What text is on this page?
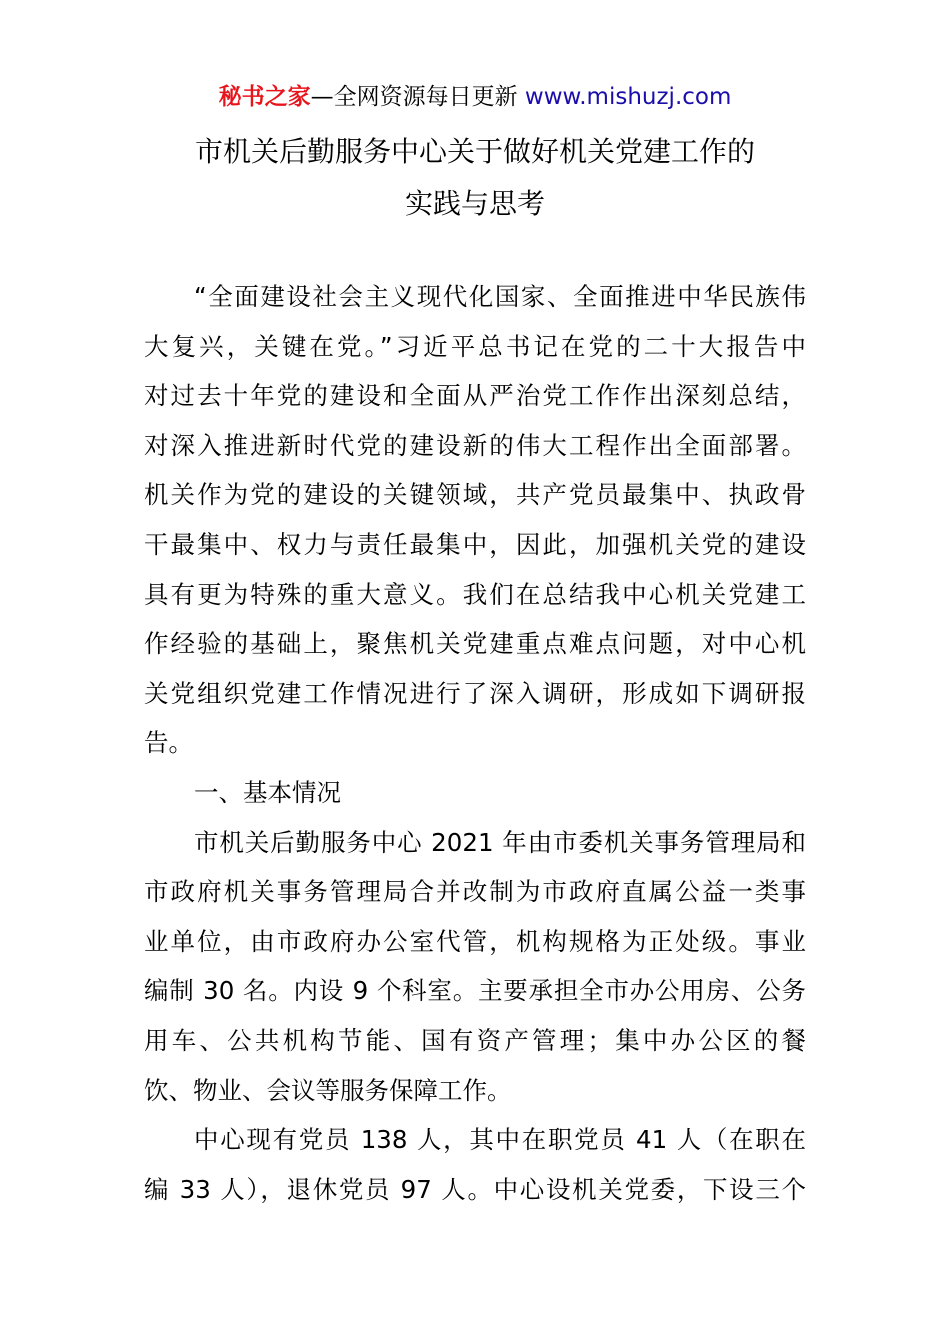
秘书之家—全网资源每日更新 www.mishuzj.com
市机关后勤服务中心关于做好机关党建工作的
实践与思考
“全面建设社会主义现代化国家、全面推进中华民族伟
大复兴，关键在党。”习近平总书记在党的二十大报告中
对过去十年党的建设和全面从严治党工作作出深刻总结，
对深入推进新时代党的建设新的伟大工程作出全面部署。
机关作为党的建设的关键领域，共产党员最集中、执政骨
干最集中、权力与责任最集中，因此，加强机关党的建设
具有更为特殊的重大意义。我们在总结我中心机关党建工
作经验的基础上，聚焦机关党建重点难点问题，对中心机
关党组织党建工作情况进行了深入调研，形成如下调研报
告。
一、基本情况
市机关后勤服务中心 2021 年由市委机关事务管理局和
市政府机关事务管理局合并改制为市政府直属公益一类事
业单位，由市政府办公室代管，机构规格为正处级。事业
编制 30 名。内设 9 个科室。主要承担全市办公用房、公务
用车、公共机构节能、国有资产管理；集中办公区的餐
饮、物业、会议等服务保障工作。
中心现有党员 138 人，其中在职党员 41 人（在职在
编 33 人），退休党员 97 人。中心设机关党委，下设三个
